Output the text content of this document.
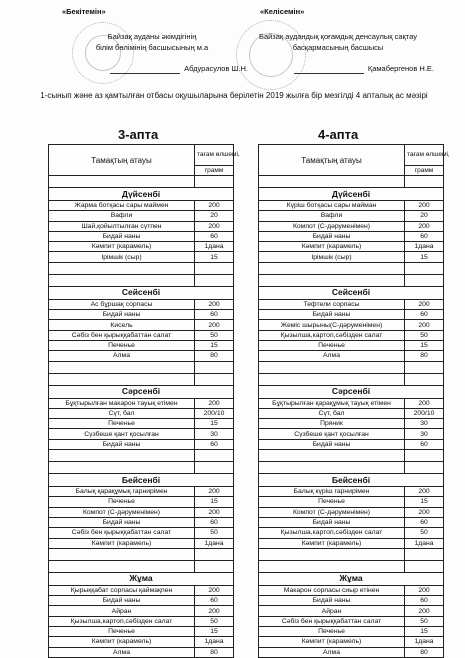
«Бекітемін»
Байзақ ауданы әкімдігінің
білім бөлімінің басшысының м.а
Абдурасулов Ш.Н.
«Келісемін»
Байзақ аудандық қоғамдық денсаулық сақтау
басқармасының басшысы
Қамабергенов Н.Е.
1-сынып және аз қамтылған отбасы оқушыларына берілетін 2019 жылға бір мезгілдi 4 апталық ас мәзірі
3-апта	4-апта
Тамақтың атауы	тағам өлшемі,
	грамм

Дүйсенбі	
Жарма ботқасы сары маймен	200
Вафли	20
Шай,қойылтылған сүтпен	200
Бидай наны	60
Кәмпит (карамель)	1дана
Ірімшік (сыр)	15

Сейсенбі	
Ас бұршақ сорпасы	200
Бидай наны	60
Кисель	200
Сәбіз бен қырыққабаттан салат	50
Печенье	15
Алма	80

Сәрсенбі	
Бұқтырылған макарон тауық етімен	200
Сүт, бал	200/10
Печенье	15
Сүзбеше қант қосылған	30
Бидай наны	60

Бейсенбі	
Балық қарақұмық гарнирімен	200
Печенье	15
Компот (С-дәруменімен)	200
Бидай наны	60
Сәбіз бен қырыққабаттан салат	50
Кәмпит (карамель)	1дана

Жұма	
Қырыққабат сорпасы қаймақпен	200
Бидай наны	60
Айран	200
Қызылша,картоп,сәбізден салат	50
Печенье	15
Кәмпит (карамель)	1дана
Алма	80
Тамақтың атауы	тағам өлшемі,
	грамм

Дүйсенбі	
Күріш ботқасы сары майман	200
Вафли	20
Компот (С-дәруменімен)	200
Бидай наны	60
Кәмпит (карамель)	1дана
Ірімшік (сыр)	15

Сейсенбі	
Тефтели сорпасы	200
Бидай наны	60
Жеміс шырыны(С-дәруменімен)	200
Қызылша,картоп,сәбізден салат	50
Печенье	15
Алма	80

Сәрсенбі	
Бұқтырылған қарақұмық тауық етімен	200
Сүт, бал	200/10
Пряник	30
Сүзбеше қант қосылған	30
Бидай наны	60

Бейсенбі	
Балық күріш гарнирімен	200
Печенье	15
Компот (С-дәруменімен)	200
Бидай наны	60
Қызылша,картоп,сәбізден салат	50
Кәмпит (карамель)	1дана

Жұма	
Макарон сорпасы сиыр етінен	200
Бидай наны	60
Айран	200
Сәбіз бен қырыққабаттан салат	50
Печенье	15
Кәмпит (карамель)	1дана
Алма	80
